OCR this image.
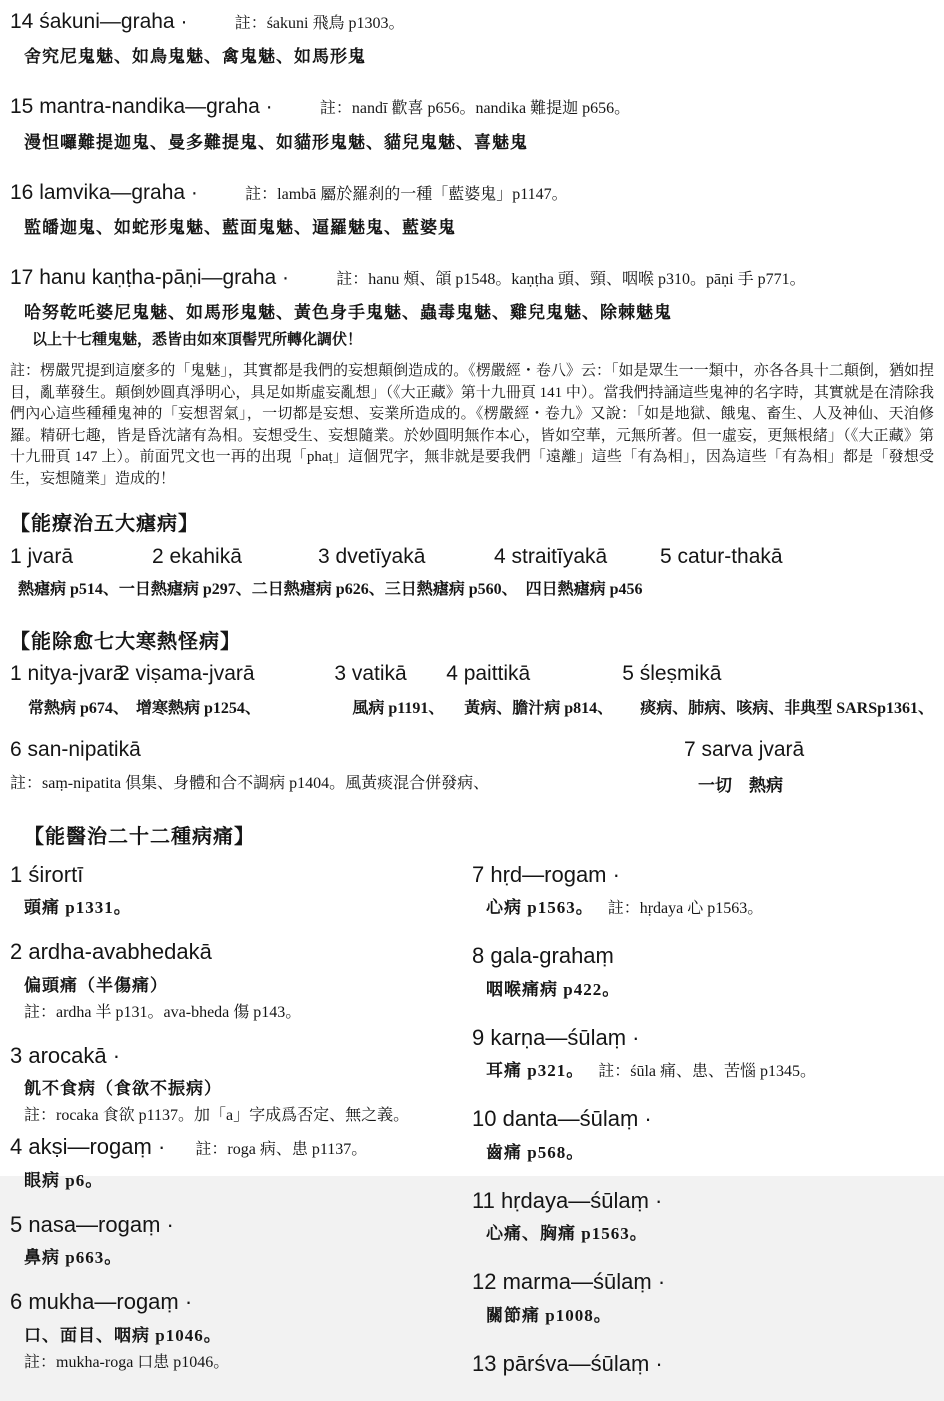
14 śakuni—graha ·	註：śakuni 飛鳥 p1303。
舍究尼鬼魅、如鳥鬼魅、禽鬼魅、如馬形鬼
15 mantra-nandika—graha ·	註：nandī 歡喜 p656。nandika 難提迦 p656。
漫怛囉難提迦鬼、曼多難提鬼、如貓形鬼魅、貓兒鬼魅、喜魅鬼
16 lamvika—graha ·	註：lambā 屬於羅刹的一種「藍婆鬼」p1147。
監皤迦鬼、如蛇形鬼魅、藍面鬼魅、逼羅魅鬼、藍婆鬼
17 hanu kaṇṭha-pāṇi—graha ·	註：hanu 頰、頜 p1548。kaṇṭha 頭、頸、咽喉 p310。pāṇi 手 p771。
哈努乾吒婆尼鬼魅、如馬形鬼魅、黃色身手鬼魅、蟲毒鬼魅、雞兒鬼魅、除棘魅鬼
以上十七種鬼魅，悉皆由如來頂髻咒所轉化調伏！
註：楞嚴咒提到這麼多的「鬼魅」，其實都是我們的妄想顛倒造成的。《楞嚴經・卷八》云：「如是眾生一一類中，亦各各具十二顛倒，猶如捏目，亂華發生。顛倒妙圓真淨明心，具足如斯虛妄亂想」（《大正藏》第十九冊頁 141 中）。當我們持誦這些鬼神的名字時，其實就是在清除我們內心這些種種鬼神的「妄想習氣」，一切都是妄想、妄業所造成的。《楞嚴經・卷九》又說：「如是地獄、餓鬼、畜生、人及神仙、天洎修羅。精研七趣，皆是昏沈諸有為相。妄想受生、妄想隨業。於妙圓明無作本心，皆如空華，元無所著。但一虛妄，更無根緒」（《大正藏》第十九冊頁 147 上）。前面咒文也一再的出現「phaṭ」這個咒字，無非就是要我們「遠離」這些「有為相」，因為這些「有為相」都是「發想受生，妄想隨業」造成的！
【能療治五大瘧病】
1 jvarā	2 ekahikā	3 dvetīyakā	4 straitīyakā	5 catur-thakā
熱瘧病 p514、一日熱瘧病 p297、二日熱瘧病 p626、三日熱瘧病 p560、　四日熱瘧病 p456
【能除愈七大寒熱怪病】
1 nitya-jvarā
常熱病 p674、
2 viṣama-jvarā
增寒熱病 p1254、
3 vatikā
風病 p1191、
4 paittikā
黃病、膽汁病 p814、
5 śleṣmikā
痰病、肺病、咳病、非典型 SARSp1361、
6 san-nipatikā
註：saṃ-nipatita 倶集、身體和合不調病 p1404。風黃痰混合併發病、
7 sarva jvarā
一切　熱病
【能醫治二十二種病痛】
1 śirortī
頭痛 p1331。
2 ardha-avabhedakā
偏頭痛（半傷痛）
註：ardha 半 p131。ava-bheda 傷 p143。
3 arocakā ·
飢不食病（食欲不振病）
註：rocaka 食欲 p1137。加「a」字成爲否定、無之義。
4 akṣi—rogaṃ · 註：roga 病、患 p1137。
眼病 p6。
5 nasa—rogaṃ ·
鼻病 p663。
6 mukha—rogaṃ ·
口、面目、咽病 p1046。
註：mukha-roga 口患 p1046。
7 hṛd—rogam ·
心病 p1563。 註：hṛdaya 心 p1563。
8 gala-grahaṃ
咽喉痛病 p422。
9 karṇa—śūlaṃ ·
耳痛 p321。 註：śūla 痛、患、苦惱 p1345。
10 danta—śūlaṃ ·
齒痛 p568。
11 hṛdaya—śūlaṃ ·
心痛、胸痛 p1563。
12 marma—śūlaṃ ·
關節痛 p1008。
13 pārśva—śūlaṃ ·
